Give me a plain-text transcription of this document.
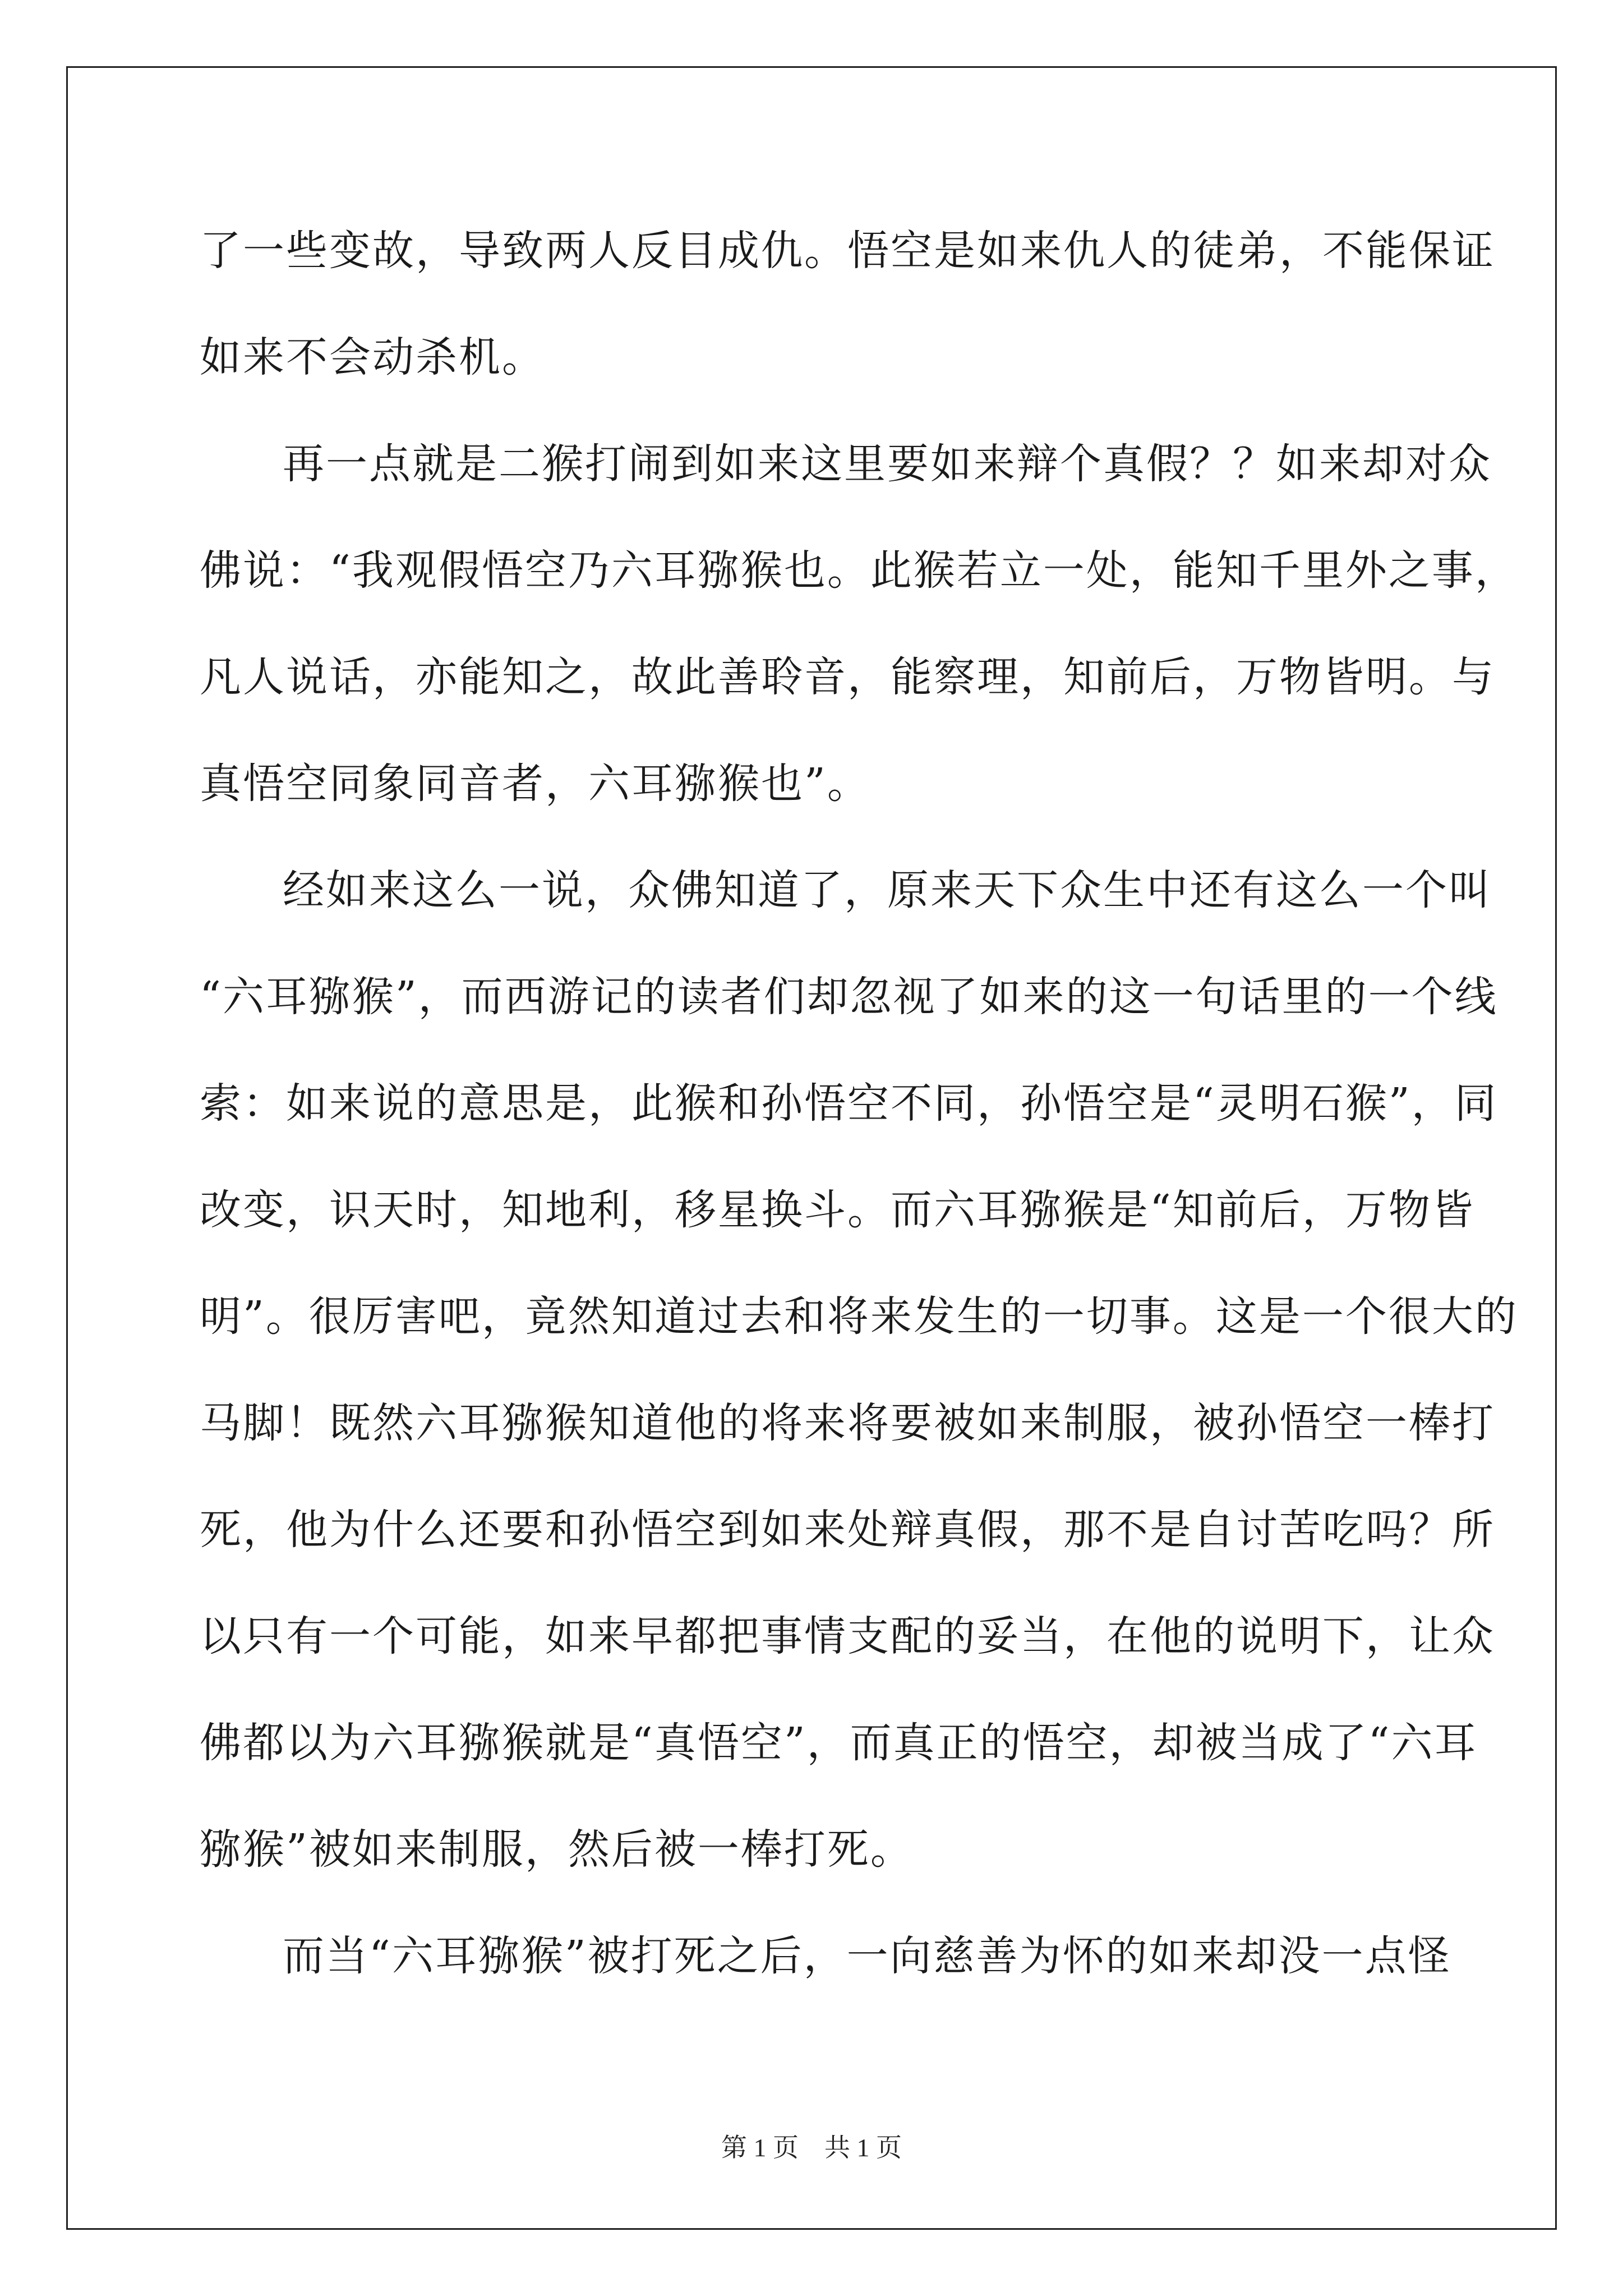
了一些变故，导致两人反目成仇。悟空是如来仇人的徒弟，不能保证
如来不会动杀机。
再一点就是二猴打闹到如来这里要如来辩个真假？？如来却对众
佛说：“我观假悟空乃六耳猕猴也。此猴若立一处，能知千里外之事，
凡人说话，亦能知之，故此善聆音，能察理，知前后，万物皆明。与
真悟空同象同音者，六耳猕猴也”。
经如来这么一说，众佛知道了，原来天下众生中还有这么一个叫
“六耳猕猴”，而西游记的读者们却忽视了如来的这一句话里的一个线
索：如来说的意思是，此猴和孙悟空不同，孙悟空是“灵明石猴”，同
改变，识天时，知地利，移星换斗。而六耳猕猴是“知前后，万物皆
明”。很厉害吧，竟然知道过去和将来发生的一切事。这是一个很大的
马脚！既然六耳猕猴知道他的将来将要被如来制服，被孙悟空一棒打
死，他为什么还要和孙悟空到如来处辩真假，那不是自讨苦吃吗？所
以只有一个可能，如来早都把事情支配的妥当，在他的说明下，让众
佛都以为六耳猕猴就是“真悟空”，而真正的悟空，却被当成了“六耳
猕猴”被如来制服，然后被一棒打死。
而当“六耳猕猴”被打死之后，一向慈善为怀的如来却没一点怪
第 1 页 共 1 页
